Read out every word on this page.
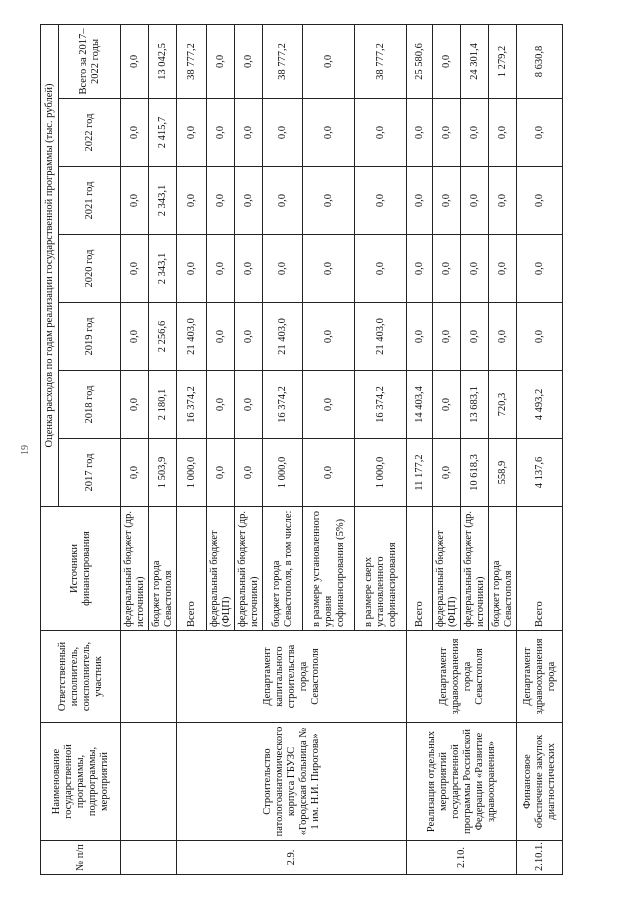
19
№ п/п	Наименование государственной программы, подпрограммы, мероприятий	Ответственный исполнитель, соисполнитель, участник	Источники финансирования	Оценка расходов по годам реализации государственной программы (тыс. рублей)						
				2017 год	2018 год	2019 год	2020 год	2021 год	2022 год	Всего за 2017–2022 годы
			федеральный бюджет (др. источники)	0,0	0,0	0,0	0,0	0,0	0,0	0,0
			бюджет города Севастополя	1 503,9	2 180,1	2 256,6	2 343,1	2 343,1	2 415,7	13 042,5
2.9.	Строительство патологоанатомического корпуса ГБУЗС «Городская больница № 1 им. Н.И. Пирогова»	Департамент капитального строительства города Севастополя	Всего	1 000,0	16 374,2	21 403,0	0,0	0,0	0,0	38 777,2
			федеральный бюджет (ФЦП)	0,0	0,0	0,0	0,0	0,0	0,0	0,0
			федеральный бюджет (др. источники)	0,0	0,0	0,0	0,0	0,0	0,0	0,0
			бюджет города Севастополя, в том числе:	1 000,0	16 374,2	21 403,0	0,0	0,0	0,0	38 777,2
			в размере установленного уровня софинансирования (5%)	0,0	0,0	0,0	0,0	0,0	0,0	0,0
			в размере сверх установленного софинансирования	1 000,0	16 374,2	21 403,0	0,0	0,0	0,0	38 777,2
2.10.	Реализация отдельных мероприятий государственной программы Российской Федерации «Развитие здравоохранения»	Департамент здравоохранения города Севастополя	Всего	11 177,2	14 403,4	0,0	0,0	0,0	0,0	25 580,6
			федеральный бюджет (ФЦП)	0,0	0,0	0,0	0,0	0,0	0,0	0,0
			федеральный бюджет (др. источники)	10 618,3	13 683,1	0,0	0,0	0,0	0,0	24 301,4
			бюджет города Севастополя	558,9	720,3	0,0	0,0	0,0	0,0	1 279,2
2.10.1.	Финансовое обеспечение закупок диагностических	Департамент здравоохранения города	Всего	4 137,6	4 493,2	0,0	0,0	0,0	0,0	8 630,8
